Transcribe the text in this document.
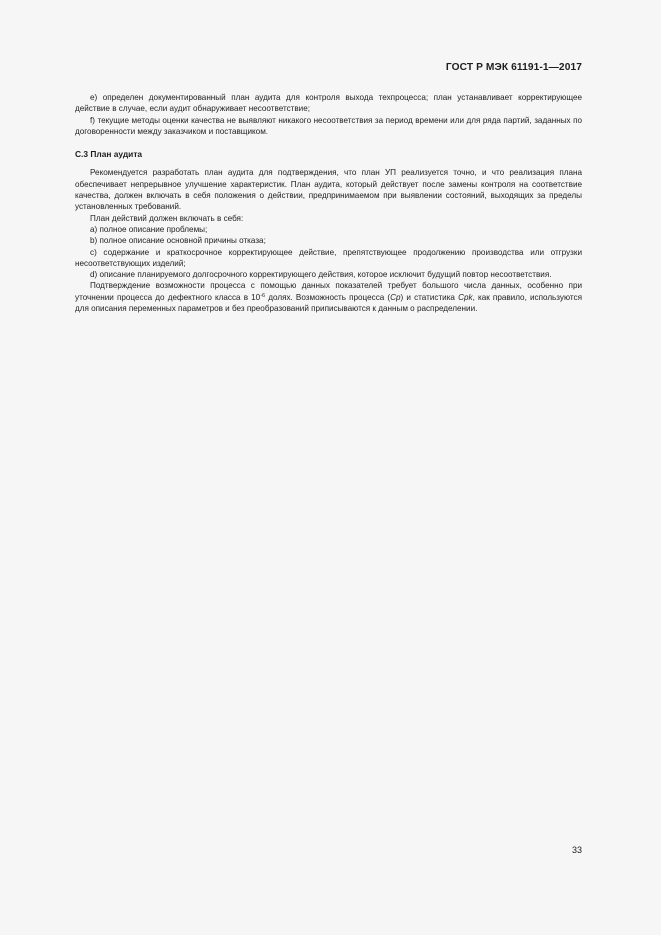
ГОСТ Р МЭК 61191-1—2017

e) определен документированный план аудита для контроля выхода техпроцесса; план устанавливает корректирующее действие в случае, если аудит обнаруживает несоответствие;

f) текущие методы оценки качества не выявляют никакого несоответствия за период времени или для ряда партий, заданных по договоренности между заказчиком и поставщиком.

C.3 План аудита

Рекомендуется разработать план аудита для подтверждения, что план УП реализуется точно, и что реализация плана обеспечивает непрерывное улучшение характеристик. План аудита, который действует после замены контроля на соответствие качества, должен включать в себя положения о действии, предпринимаемом при выявлении состояний, выходящих за пределы установленных требований.

План действий должен включать в себя:

a) полное описание проблемы;

b) полное описание основной причины отказа;

c) содержание и краткосрочное корректирующее действие, препятствующее продолжению производства или отгрузки несоответствующих изделий;

d) описание планируемого долгосрочного корректирующего действия, которое исключит будущий повтор несоответствия.

Подтверждение возможности процесса с помощью данных показателей требует большого числа данных, особенно при уточнении процесса до дефектного класса в $10^{-6}$ долях. Возможность процесса (Cp) и статистика Cpk, как правило, используются для описания переменных параметров и без преобразований приписываются к данным о распределении.

33
